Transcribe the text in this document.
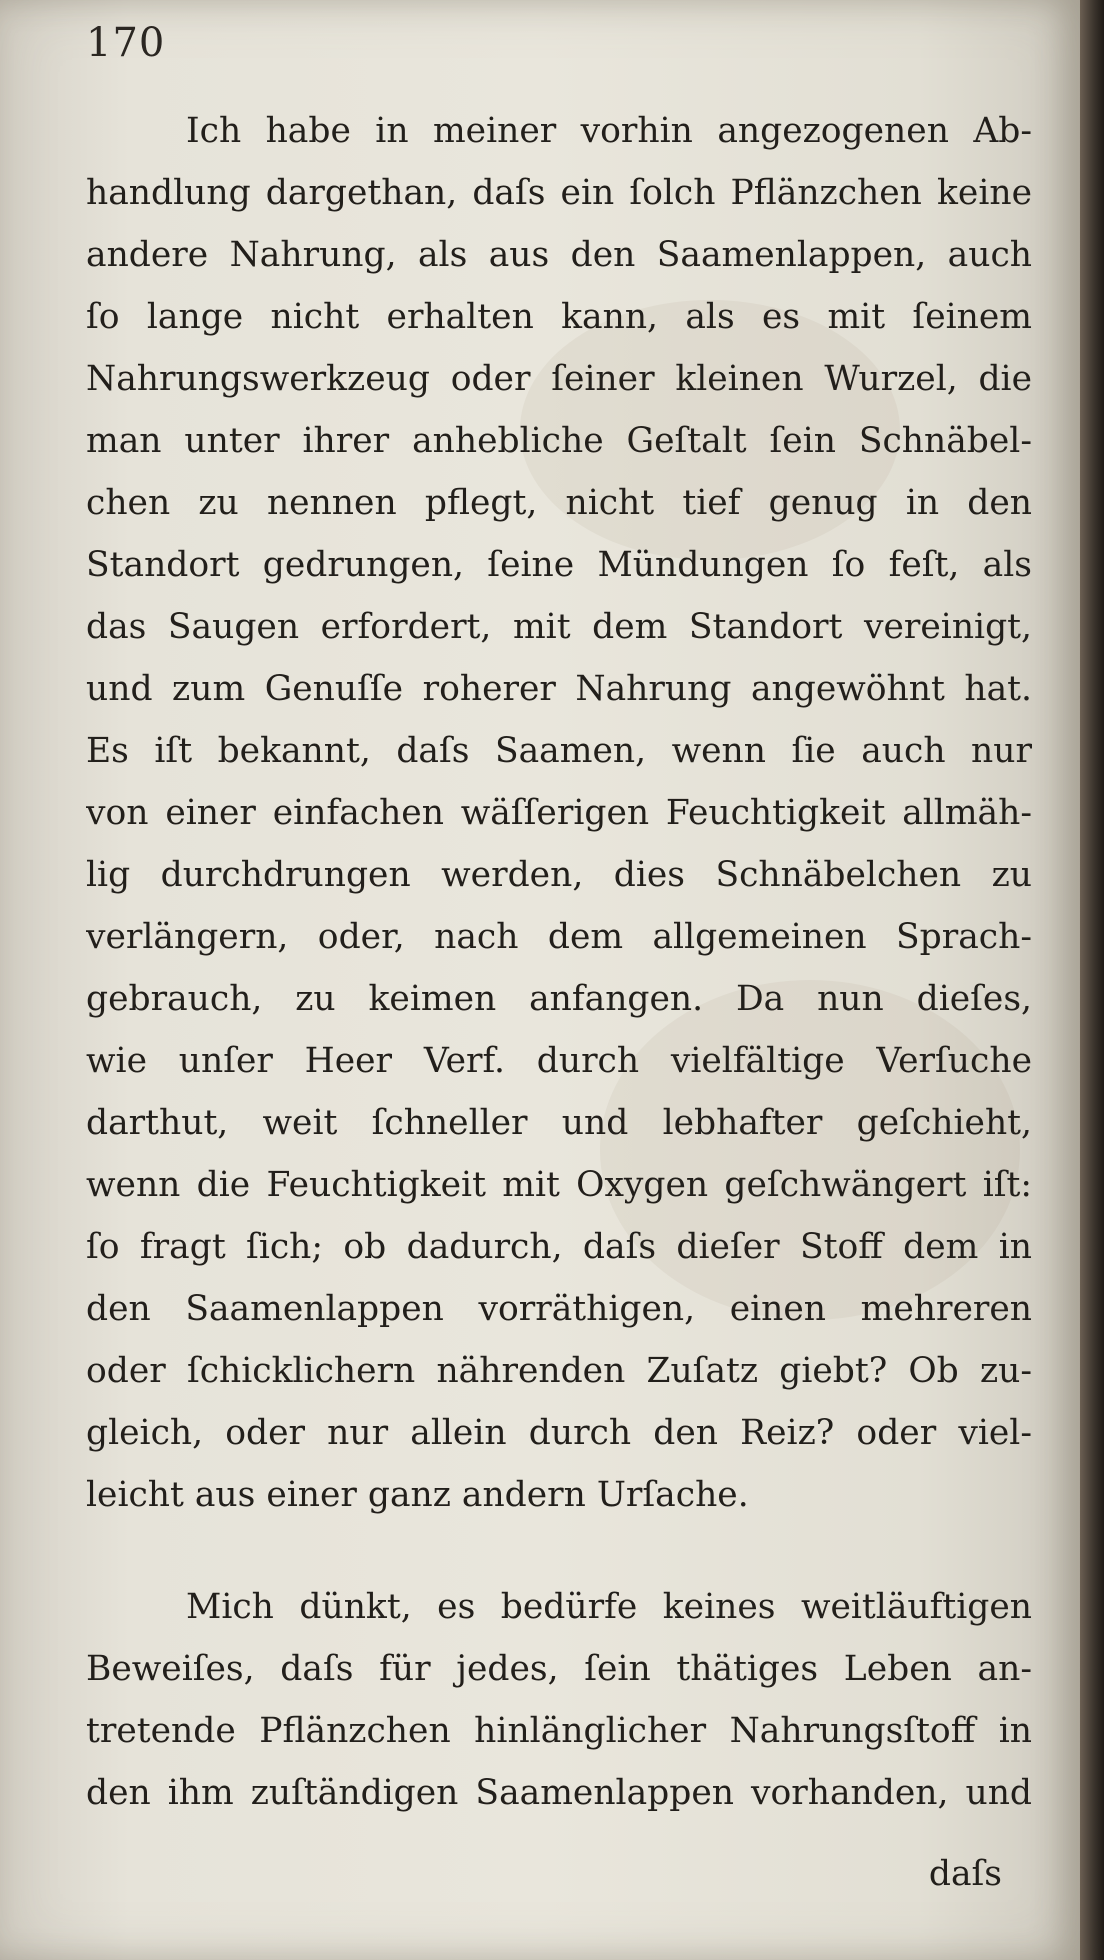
170
Ich habe in meiner vorhin angezogenen Ab-
handlung dargethan, daſs ein ſolch Pflänzchen keine
andere Nahrung, als aus den Saamenlappen, auch
ſo lange nicht erhalten kann, als es mit ſeinem
Nahrungswerkzeug oder ſeiner kleinen Wurzel, die
man unter ihrer anhebliche Geſtalt ſein Schnäbel-
chen zu nennen pflegt, nicht tief genug in den
Standort gedrungen, ſeine Mündungen ſo feſt, als
das Saugen erfordert, mit dem Standort vereinigt,
und zum Genuſſe roherer Nahrung angewöhnt hat.
Es iſt bekannt, daſs Saamen, wenn ſie auch nur
von einer einfachen wäſſerigen Feuchtigkeit allmäh-
lig durchdrungen werden, dies Schnäbelchen zu
verlängern, oder, nach dem allgemeinen Sprach-
gebrauch, zu keimen anfangen. Da nun dieſes,
wie unſer Heer Verf. durch vielfältige Verſuche
darthut, weit ſchneller und lebhafter geſchieht,
wenn die Feuchtigkeit mit Oxygen geſchwängert iſt:
ſo fragt ſich; ob dadurch, daſs dieſer Stoff dem in
den Saamenlappen vorräthigen, einen mehreren
oder ſchicklichern nährenden Zuſatz giebt? Ob zu-
gleich, oder nur allein durch den Reiz? oder viel-
leicht aus einer ganz andern Urſache.
Mich dünkt, es bedürfe keines weitläuftigen
Beweiſes, daſs für jedes, ſein thätiges Leben an-
tretende Pflänzchen hinlänglicher Nahrungsſtoff in
den ihm zuſtändigen Saamenlappen vorhanden, und
daſs
